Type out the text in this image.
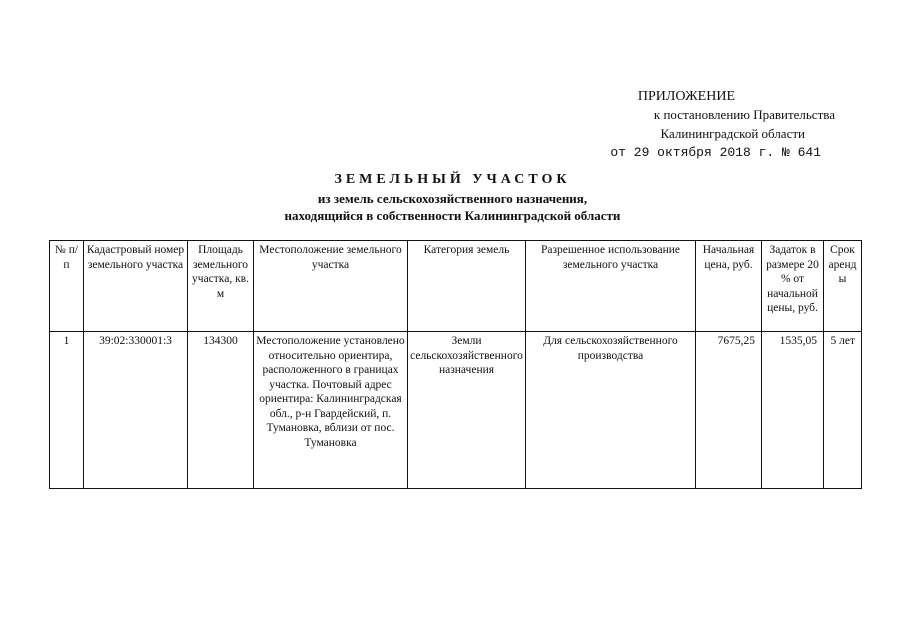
ПРИЛОЖЕНИЕ
к постановлению Правительства
Калининградской области
от 29 октября 2018 г. № 641
ЗЕМЕЛЬНЫЙ УЧАСТОК
из земель сельскохозяйственного назначения,
находящийся в собственности Калининградской области
№ п/п	Кадастровый номер земельного участка	Площадь земельного участка, кв. м	Местоположение земельного участка	Категория земель	Разрешенное использование земельного участка	Начальная цена, руб.	Задаток в размере 20 % от начальной цены, руб.	Срок аренды
1	39:02:330001:3	134300	Местоположение установлено относительно ориентира, расположенного в границах участка. Почтовый адрес ориентира: Калининградская обл., р-н Гвардейский, п. Тумановка, вблизи от пос. Тумановка	Земли сельскохозяйственного назначения	Для сельскохозяйственного производства	7675,25	1535,05	5 лет
